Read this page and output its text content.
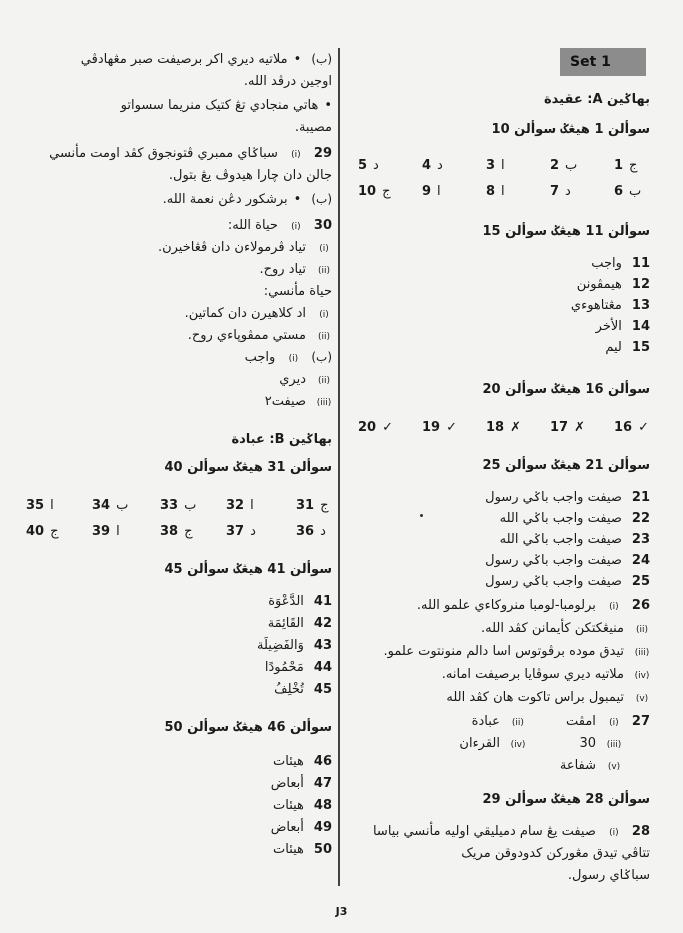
Set 1
بهاݢين A: عقيدة
سوألن 1 هيڠݢ سوألن 10
1 ج
2 ب
3 ا
4 د
5 د
6 ب
7 د
8 ا
9 ا
10 ج
سوألن 11 هيڠݢ سوألن 15
11واجب
12هيمڤونن
13مڠتاهوءي
14الأخر
15ليم
سوألن 16 هيڠݢ سوألن 20
16 ✓
17 ✗
18 ✗
19 ✓
20 ✓
سوألن 21 هيڠݢ سوألن 25
21صيفت واجب باݢي رسول
22صيفت واجب باݢي الله
23صيفت واجب باݢي الله
24صيفت واجب باݢي رسول
25صيفت واجب باݢي رسول
26(i)برلومبا-لومبا منروكاءي علمو الله.
(ii)منيڠكتكن كأيمانن كڤد الله.
(iii)تيدق موده برڤوتوس اسا دالم منونتوت علمو.
(iv)ملاتيه ديري سوڤايا برصيفت امانه.
(v)تيمبول براس تاكوت هان كڤد الله
27(i)امڤت(ii)عبادة
(iii)30(iv)القرءان
(v)شفاعة
سوألن 28 هيڠݢ سوألن 29
28(i)صيفت يڠ سام دميليقي اوليه مأنسي بياسا
تتاڤي تيدق مڠوركن كدودوقن مريک
سباݢاي رسول.
(ب)• ملاتيه ديري اكر برصيفت صبر مڠهادڤي
اوجين درڤد الله.
• هاتي منجادي تڠ كتيک منريما سسواتو
مصيبة.
29(i)سباݢاي ممبري ڤتونجوق كڤد اومت مأنسي
جالن دان چارا هيدوڤ يڠ بتول.
(ب)• برشكور دڠن نعمة الله.
30(i)حياة الله:
(i)تياد ڤرمولاءن دان ڤڠاخيرن.
(ii)تياد روح.
حياة مأنسي:
(i)اد كلاهيرن دان كماتين.
(ii)مستي ممڤوڽاءي روح.
(ب)(i)واجب
(ii)ديري
(iii)صيفت٢
بهاݢين B: عبادة
سوألن 31 هيڠݢ سوألن 40
31 ج
32 ا
33 ب
34 ب
35 ا
36 د
37 د
38 ج
39 ا
40 ج
سوألن 41 هيڠݢ سوألن 45
41الدَّعْوَة
42القَائِمَة
43وَالفَضِيلَة
44مَحْمُودًا
45تُخْلِفُ
سوألن 46 هيڠݢ سوألن 50
46هيئات
47أبعاض
48هيئات
49أبعاض
50هيئات
J3
